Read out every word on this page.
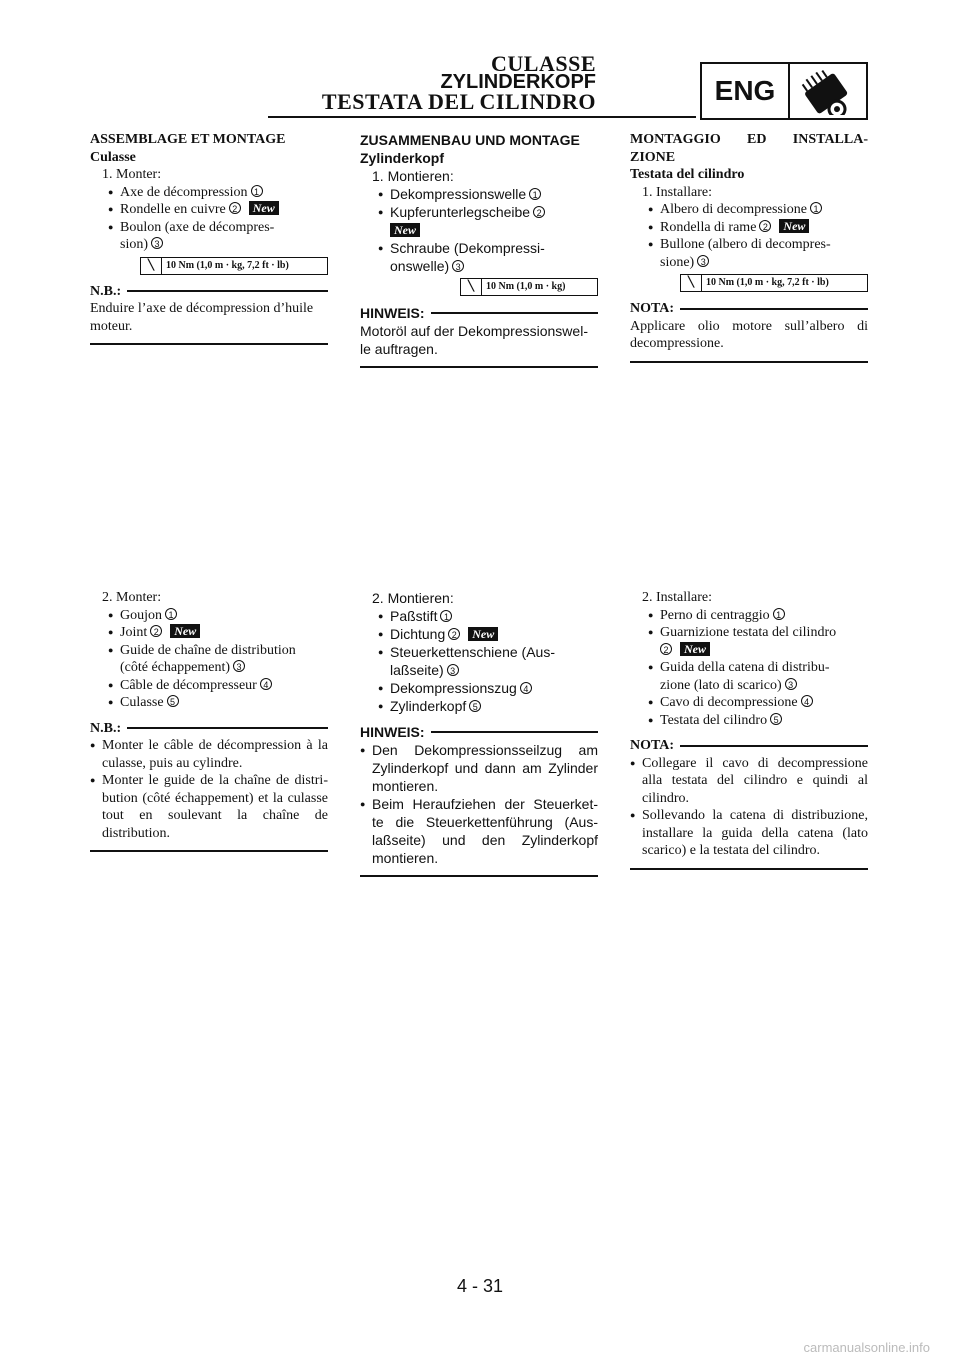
CULASSE
ZYLINDERKOPF
TESTATA DEL CILINDRO	ENG
ASSEMBLAGE ET MONTAGE
Culasse
1. Monter:
● Axe de décompression 1
● Rondelle en cuivre 2 New
● Boulon (axe de décompres-
sion) 3
╲	10 Nm (1,0 m · kg, 7,2 ft · lb)
N.B.:
Enduire l’axe de décompression d’huile moteur.
ZUSAMMENBAU UND MONTAGE
Zylinderkopf
1. Montieren:
● Dekompressionswelle 1
● Kupferunterlegscheibe 2
New
● Schraube (Dekompressi-
onswelle) 3
╲	10 Nm (1,0 m · kg)
HINWEIS:
Motoröl auf der Dekompressionswel- le auftragen.
MONTAGGIO ED INSTALLA-
ZIONE
Testata del cilindro
1. Installare:
● Albero di decompressione 1
● Rondella di rame 2 New
● Bullone (albero di decompres-
sione) 3
╲	10 Nm (1,0 m · kg, 7,2 ft · lb)
NOTA:
Applicare olio motore sull’albero di decompressione.
2. Monter:
● Goujon 1
● Joint 2 New
● Guide de chaîne de distribution
(côté échappement) 3
● Câble de décompresseur 4
● Culasse 5
N.B.:
● Monter le câble de décompression à la culasse, puis au cylindre.
● Monter le guide de la chaîne de distri- bution (côté échappement) et la culasse tout en soulevant la chaîne de distribution.
2. Montieren:
● Paßstift 1
● Dichtung 2 New
● Steuerkettenschiene (Aus-
laßseite) 3
● Dekompressionszug 4
● Zylinderkopf 5
HINWEIS:
● Den Dekompressionsseilzug am Zylinderkopf und dann am Zylinder montieren.
● Beim Heraufziehen der Steuerket- te die Steuerkettenführung (Aus- laßseite) und den Zylinderkopf montieren.
2. Installare:
● Perno di centraggio 1
● Guarnizione testata del cilindro
2 New
● Guida della catena di distribu-
zione (lato di scarico) 3
● Cavo di decompressione 4
● Testata del cilindro 5
NOTA:
● Collegare il cavo di decompressione alla testata del cilindro e quindi al cilindro.
● Sollevando la catena di distribuzione, installare la guida della catena (lato scarico) e la testata del cilindro.
4 - 31
carmanualsonline.info
